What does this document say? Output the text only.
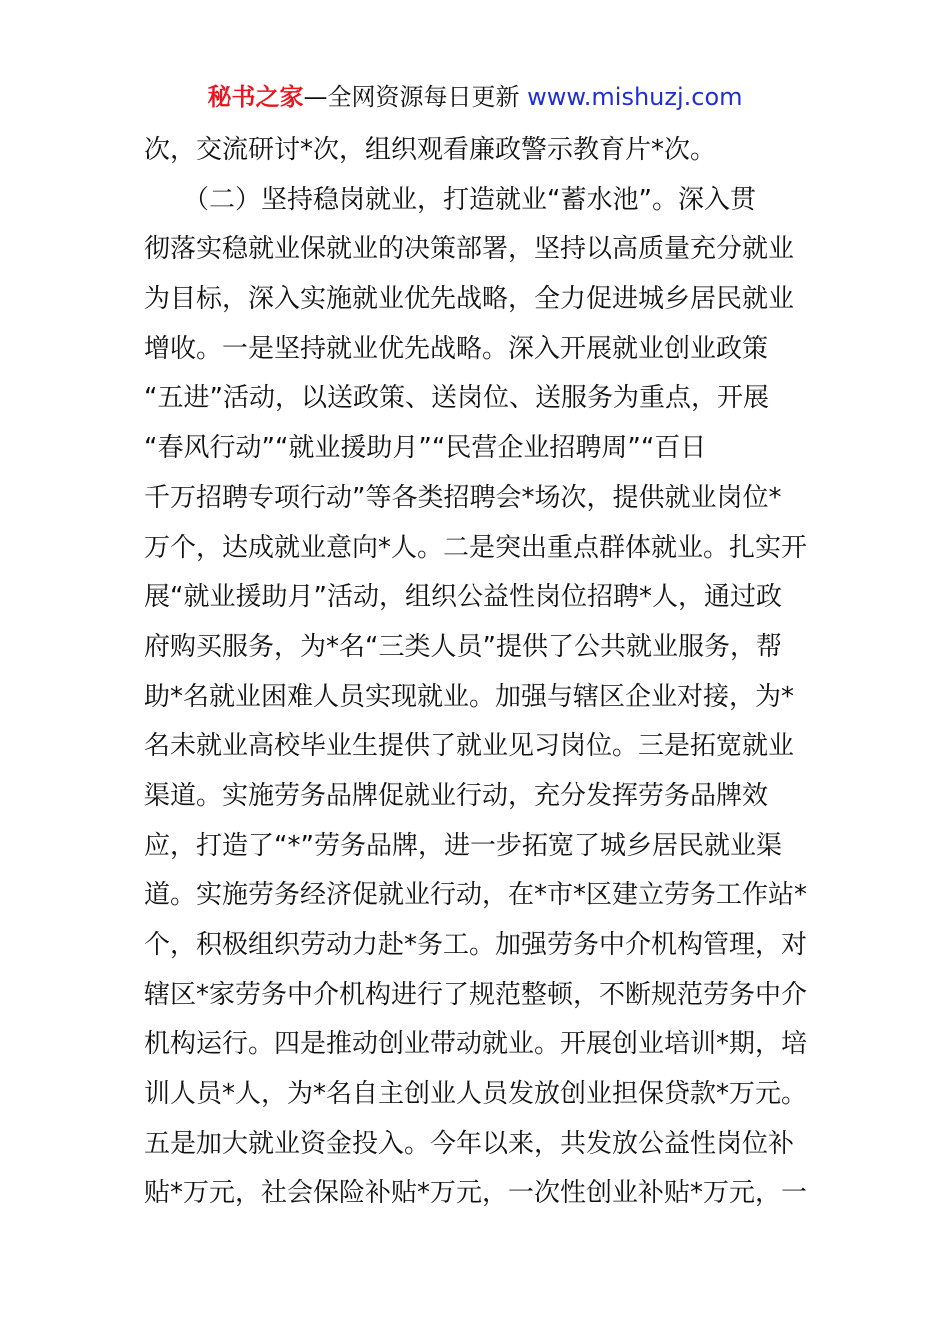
秘书之家—全网资源每日更新 www.mishuzj.com
次，交流研讨*次，组织观看廉政警示教育片*次。
　　（二）坚持稳岗就业，打造就业“蓄水池”。深入贯
彻落实稳就业保就业的决策部署，坚持以高质量充分就业
为目标，深入实施就业优先战略，全力促进城乡居民就业
增收。一是坚持就业优先战略。深入开展就业创业政策
“五进”活动，以送政策、送岗位、送服务为重点，开展
“春风行动”“就业援助月”“民营企业招聘周”“百日
千万招聘专项行动”等各类招聘会*场次，提供就业岗位*
万个，达成就业意向*人。二是突出重点群体就业。扎实开
展“就业援助月”活动，组织公益性岗位招聘*人，通过政
府购买服务，为*名“三类人员”提供了公共就业服务，帮
助*名就业困难人员实现就业。加强与辖区企业对接，为*
名未就业高校毕业生提供了就业见习岗位。三是拓宽就业
渠道。实施劳务品牌促就业行动，充分发挥劳务品牌效
应，打造了“*”劳务品牌，进一步拓宽了城乡居民就业渠
道。实施劳务经济促就业行动，在*市*区建立劳务工作站*
个，积极组织劳动力赴*务工。加强劳务中介机构管理，对
辖区*家劳务中介机构进行了规范整顿，不断规范劳务中介
机构运行。四是推动创业带动就业。开展创业培训*期，培
训人员*人，为*名自主创业人员发放创业担保贷款*万元。
五是加大就业资金投入。今年以来，共发放公益性岗位补
贴*万元，社会保险补贴*万元，一次性创业补贴*万元，一
